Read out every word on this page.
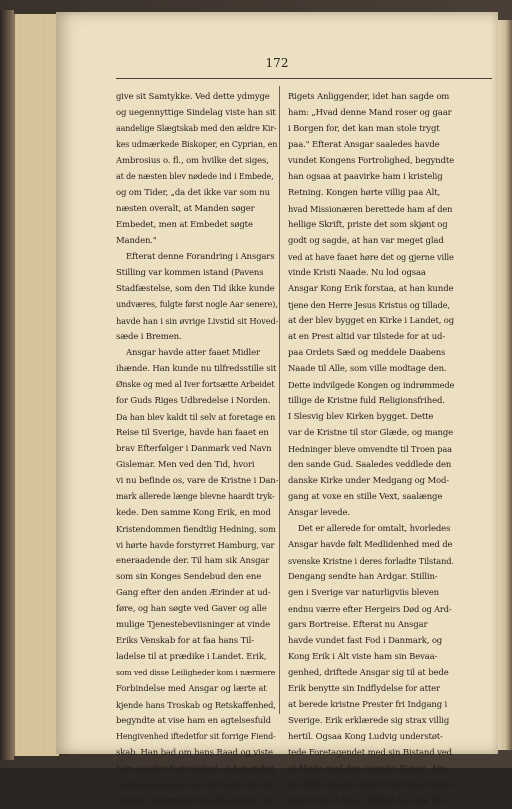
172
give sit Samtykke. Ved dette ydmyge
og uegennyttige Sindelag viste han sit
aandelige Slægtskab med den ældre Kir-
kes udmærkede Biskoper, en Cyprian, en
Ambrosius o. fl., om hvilke det siges,
at de næsten blev nødede ind i Embede,
og om Tider, „da det ikke var som nu
næsten overalt, at Manden søger
Embedet, men at Embedet søgte
Manden."
Efterat denne Forandring i Ansgars
Stilling var kommen istand (Pavens
Stadfæstelse, som den Tid ikke kunde
undværes, fulgte først nogle Aar senere),
havde han i sin øvrige Livstid sit Hoved-
sæde i Bremen.
Ansgar havde atter faaet Midler
ihænde. Han kunde nu tilfredsstille sit
Ønske og med al Iver fortsætte Arbeidet
for Guds Riges Udbredelse i Norden.
Da han blev kaldt til selv at foretage en
Reise til Sverige, havde han faaet en
brav Efterfølger i Danmark ved Navn
Gislemar. Men ved den Tid, hvori
vi nu befinde os, vare de Kristne i Dan-
mark allerede længe blevne haardt tryk-
kede. Den samme Kong Erik, en mod
Kristendommen fiendtlig Hedning, som
vi hørte havde forstyrret Hamburg, var
eneraadende der. Til ham sik Ansgar
som sin Konges Sendebud den ene
Gang efter den anden Ærinder at ud-
føre, og han søgte ved Gaver og alle
mulige Tjenestebeviisninger at vinde
Eriks Venskab for at faa hans Til-
ladelse til at prædike i Landet. Erik,
som ved disse Leiligheder kom i nærmere
Forbindelse med Ansgar og lærte at
kjende hans Troskab og Retskaffenhed,
begyndte at vise ham en agtelsesfuld
Hengivenhed iftedetfor sit forrige Fiend-
skab. Han bad om hans Raad og viste
ham saa stor Fortrolighed, at han endog
sammen med sine mest Betroede lod ham
deltage i hemmelige Raadslagninger om
Rigets Anliggender, idet han sagde om
ham: „Hvad denne Mand roser og gaar
i Borgen for, det kan man stole trygt
paa." Efterat Ansgar saaledes havde
vundet Kongens Fortrolighed, begyndte
han ogsaa at paavirke ham i kristelig
Retning. Kongen hørte villig paa Alt,
hvad Missionæren berettede ham af den
hellige Skrift, priste det som skjønt og
godt og sagde, at han var meget glad
ved at have faaet høre det og gjerne ville
vinde Kristi Naade. Nu lod ogsaa
Ansgar Kong Erik forstaa, at han kunde
tjene den Herre Jesus Kristus og tillade,
at der blev bygget en Kirke i Landet, og
at en Prest altid var tilstede for at ud-
paa Ordets Sæd og meddele Daabens
Naade til Alle, som ville modtage den.
Dette indvilgede Kongen og indrømmede
tillige de Kristne fuld Religionsfrihed.
I Slesvig blev Kirken bygget. Dette
var de Kristne til stor Glæde, og mange
Hedninger bleve omvendte til Troen paa
den sande Gud. Saaledes veddlede den
danske Kirke under Medgang og Mod-
gang at voxe en stille Vext, saalænge
Ansgar levede.
Det er allerede for omtalt, hvorledes
Ansgar havde følt Medlidenhed med de
svenske Kristne i deres forladte Tilstand.
Dengang sendte han Ardgar. Stillin-
gen i Sverige var naturligviis bleven
endnu værre efter Hergeirs Død og Ard-
gars Bortreise. Efterat nu Ansgar
havde vundet fast Fod i Danmark, og
Kong Erik i Alt viste ham sin Bevaa-
genhed, driftede Ansgar sig til at bede
Erik benytte sin Indflydelse for atter
at berede kristne Prester fri Indgang i
Sverige. Erik erklærede sig strax villig
hertil. Ogsaa Kong Ludvig understøt-
tede Foretagendet med sin Bistand ved
et Møde med den svenske Konge. Ans-
gar følte sig selv kaldet til at reise, styrket
dertil ved et Syn, i hvilket han var ble-
